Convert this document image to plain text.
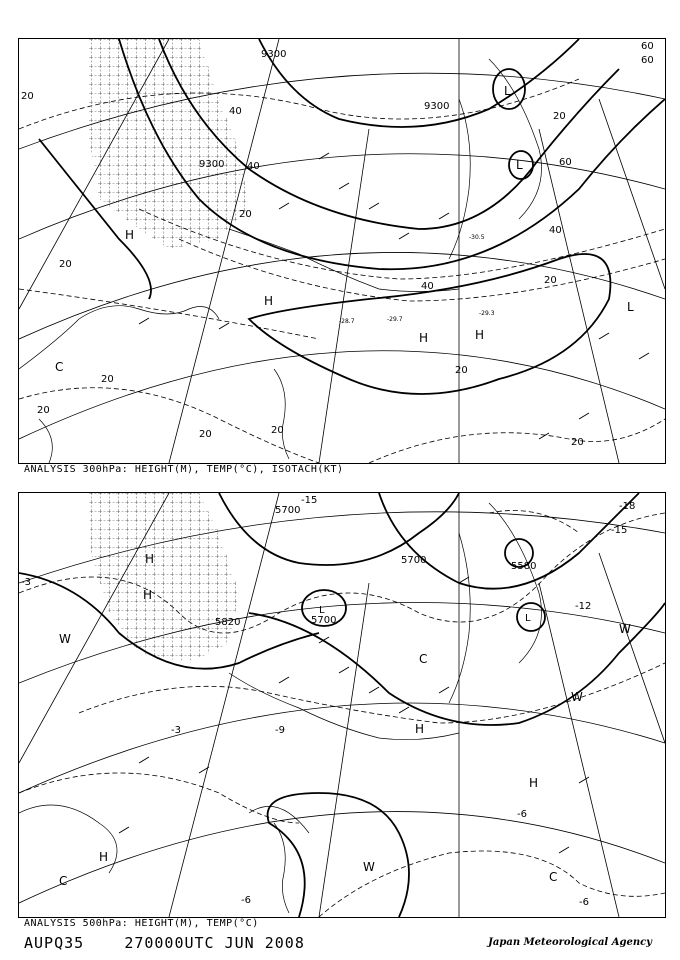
9300
9300
9300
20
40
40
20
40
20
20
20
40
60
20
20
20
20
20
20
60
60
L
L
L
H
H
H	H
C
-29.3
-28.7	-29.7
-30.5
ANALYSIS 300hPa: HEIGHT(M), TEMP(°C), ISOTACH(KT)
5700
5700
5820
5580
5700
-15
-15
-18
-12
-3
-3
-6
-6
-6
-9
H
H
L
L
W
W
C
C	C
W
H
H
H
W
ANALYSIS 500hPa: HEIGHT(M), TEMP(°C)
AUPQ35	270000UTC JUN 2008	Japan Meteorological Agency
